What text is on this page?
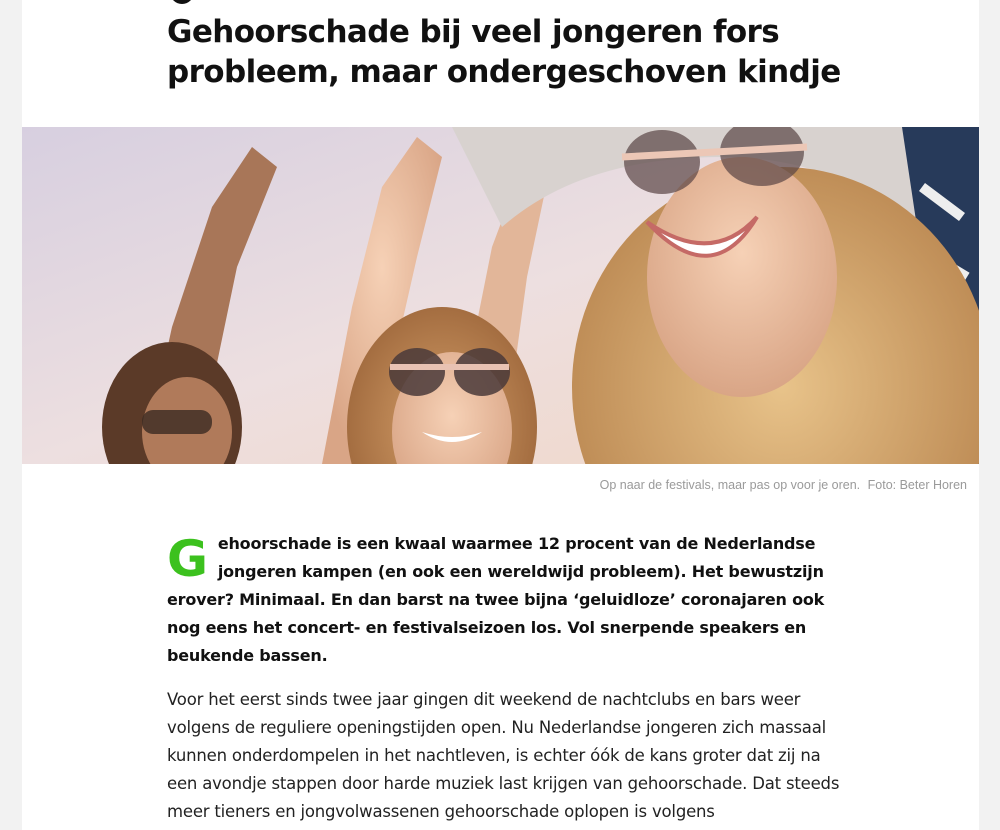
Gehoorschade bij veel jongeren fors probleem, maar ondergeschoven kindje
Op naar de festivals, maar pas op voor je oren. Foto: Beter Horen

G ehoorschade is een kwaal waarmee 12 procent van de Nederlandse jongeren kampen (en ook een wereldwijd probleem). Het bewustzijn erover? Minimaal. En dan barst na twee bijna ‘geluidloze’ coronajaren ook nog eens het concert- en festivalseizoen los. Vol snerpende speakers en beukende bassen.

Voor het eerst sinds twee jaar gingen dit weekend de nachtclubs en bars weer volgens de reguliere openingstijden open. Nu Nederlandse jongeren zich massaal kunnen onderdompelen in het nachtleven, is echter óók de kans groter dat zij na een avondje stappen door harde muziek last krijgen van gehoorschade. Dat steeds meer tieners en jongvolwassenen gehoorschade oplopen is volgens
